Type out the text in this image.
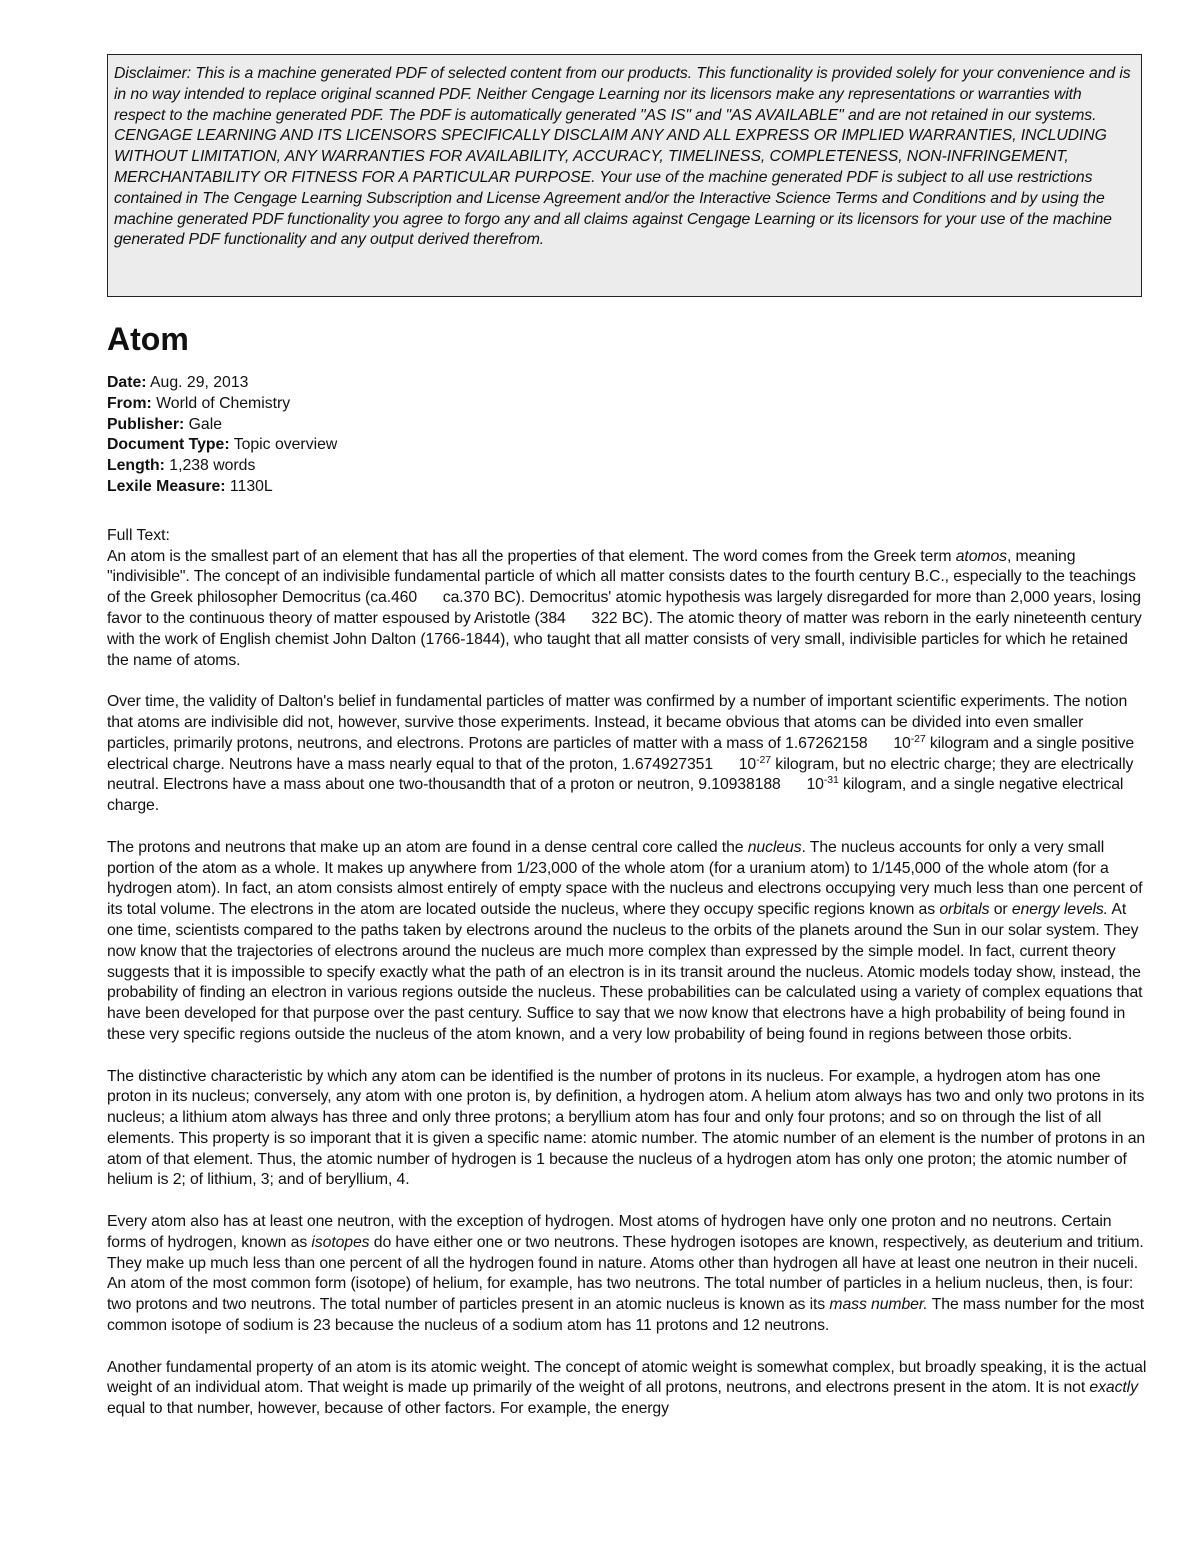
Disclaimer: This is a machine generated PDF of selected content from our products. This functionality is provided solely for your convenience and is in no way intended to replace original scanned PDF. Neither Cengage Learning nor its licensors make any representations or warranties with respect to the machine generated PDF. The PDF is automatically generated "AS IS" and "AS AVAILABLE" and are not retained in our systems. CENGAGE LEARNING AND ITS LICENSORS SPECIFICALLY DISCLAIM ANY AND ALL EXPRESS OR IMPLIED WARRANTIES, INCLUDING WITHOUT LIMITATION, ANY WARRANTIES FOR AVAILABILITY, ACCURACY, TIMELINESS, COMPLETENESS, NON-INFRINGEMENT, MERCHANTABILITY OR FITNESS FOR A PARTICULAR PURPOSE. Your use of the machine generated PDF is subject to all use restrictions contained in The Cengage Learning Subscription and License Agreement and/or the Interactive Science Terms and Conditions and by using the machine generated PDF functionality you agree to forgo any and all claims against Cengage Learning or its licensors for your use of the machine generated PDF functionality and any output derived therefrom.
Atom
Date: Aug. 29, 2013
From: World of Chemistry
Publisher: Gale
Document Type: Topic overview
Length: 1,238 words
Lexile Measure: 1130L
Full Text:

An atom is the smallest part of an element that has all the properties of that element. The word comes from the Greek term atomos, meaning "indivisible". The concept of an indivisible fundamental particle of which all matter consists dates to the fourth century B.C., especially to the teachings of the Greek philosopher Democritus (ca.460      ca.370 BC). Democritus' atomic hypothesis was largely disregarded for more than 2,000 years, losing favor to the continuous theory of matter espoused by Aristotle (384      322 BC). The atomic theory of matter was reborn in the early nineteenth century with the work of English chemist John Dalton (1766-1844), who taught that all matter consists of very small, indivisible particles for which he retained the name of atoms.

Over time, the validity of Dalton's belief in fundamental particles of matter was confirmed by a number of important scientific experiments. The notion that atoms are indivisible did not, however, survive those experiments. Instead, it became obvious that atoms can be divided into even smaller particles, primarily protons, neutrons, and electrons. Protons are particles of matter with a mass of 1.67262158      $10^{-27}$ kilogram and a single positive electrical charge. Neutrons have a mass nearly equal to that of the proton, 1.674927351      $10^{-27}$ kilogram, but no electric charge; they are electrically neutral. Electrons have a mass about one two-thousandth that of a proton or neutron, 9.10938188      $10^{-31}$ kilogram, and a single negative electrical charge.

The protons and neutrons that make up an atom are found in a dense central core called the nucleus. The nucleus accounts for only a very small portion of the atom as a whole. It makes up anywhere from 1/23,000 of the whole atom (for a uranium atom) to 1/145,000 of the whole atom (for a hydrogen atom). In fact, an atom consists almost entirely of empty space with the nucleus and electrons occupying very much less than one percent of its total volume. The electrons in the atom are located outside the nucleus, where they occupy specific regions known as orbitals or energy levels. At one time, scientists compared to the paths taken by electrons around the nucleus to the orbits of the planets around the Sun in our solar system. They now know that the trajectories of electrons around the nucleus are much more complex than expressed by the simple model. In fact, current theory suggests that it is impossible to specify exactly what the path of an electron is in its transit around the nucleus. Atomic models today show, instead, the probability of finding an electron in various regions outside the nucleus. These probabilities can be calculated using a variety of complex equations that have been developed for that purpose over the past century. Suffice to say that we now know that electrons have a high probability of being found in these very specific regions outside the nucleus of the atom known, and a very low probability of being found in regions between those orbits.

The distinctive characteristic by which any atom can be identified is the number of protons in its nucleus. For example, a hydrogen atom has one proton in its nucleus; conversely, any atom with one proton is, by definition, a hydrogen atom. A helium atom always has two and only two protons in its nucleus; a lithium atom always has three and only three protons; a beryllium atom has four and only four protons; and so on through the list of all elements. This property is so imporant that it is given a specific name: atomic number. The atomic number of an element is the number of protons in an atom of that element. Thus, the atomic number of hydrogen is 1 because the nucleus of a hydrogen atom has only one proton; the atomic number of helium is 2; of lithium, 3; and of beryllium, 4.

Every atom also has at least one neutron, with the exception of hydrogen. Most atoms of hydrogen have only one proton and no neutrons. Certain forms of hydrogen, known as isotopes do have either one or two neutrons. These hydrogen isotopes are known, respectively, as deuterium and tritium. They make up much less than one percent of all the hydrogen found in nature. Atoms other than hydrogen all have at least one neutron in their nuceli. An atom of the most common form (isotope) of helium, for example, has two neutrons. The total number of particles in a helium nucleus, then, is four: two protons and two neutrons. The total number of particles present in an atomic nucleus is known as its mass number. The mass number for the most common isotope of sodium is 23 because the nucleus of a sodium atom has 11 protons and 12 neutrons.

Another fundamental property of an atom is its atomic weight. The concept of atomic weight is somewhat complex, but broadly speaking, it is the actual weight of an individual atom. That weight is made up primarily of the weight of all protons, neutrons, and electrons present in the atom. It is not exactly equal to that number, however, because of other factors. For example, the energy
